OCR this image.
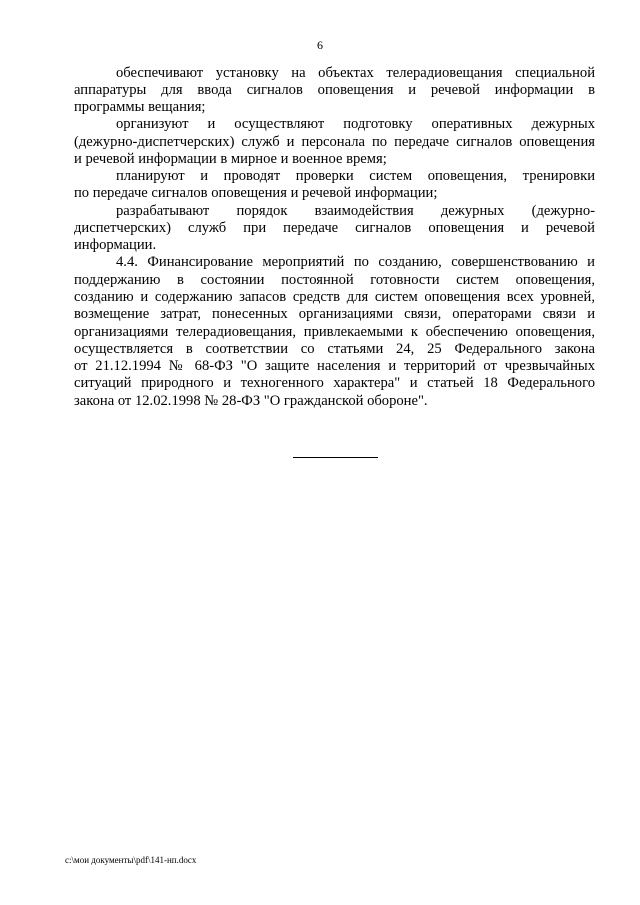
6
обеспечивают установку на объектах телерадиовещания специальной
аппаратуры для ввода сигналов оповещения и речевой информации в
программы вещания;
организуют и осуществляют подготовку оперативных дежурных
(дежурно-диспетчерских) служб и персонала по передаче сигналов оповещения
и речевой информации в мирное и военное время;
планируют и проводят проверки систем оповещения, тренировки
по передаче сигналов оповещения и речевой информации;
разрабатывают порядок взаимодействия дежурных (дежурно-
диспетчерских) служб при передаче сигналов оповещения и речевой
информации.
4.4. Финансирование мероприятий по созданию, совершенствованию и
поддержанию в состоянии постоянной готовности систем оповещения,
созданию и содержанию запасов средств для систем оповещения всех уровней,
возмещение затрат, понесенных организациями связи, операторами связи и
организациями телерадиовещания, привлекаемыми к обеспечению оповещения,
осуществляется в соответствии со статьями 24, 25 Федерального закона
от 21.12.1994 № 68-ФЗ "О защите населения и территорий от чрезвычайных
ситуаций природного и техногенного характера" и статьей 18 Федерального
закона от 12.02.1998 № 28-ФЗ "О гражданской обороне".
c:\мои документы\pdf\141-нп.docx
